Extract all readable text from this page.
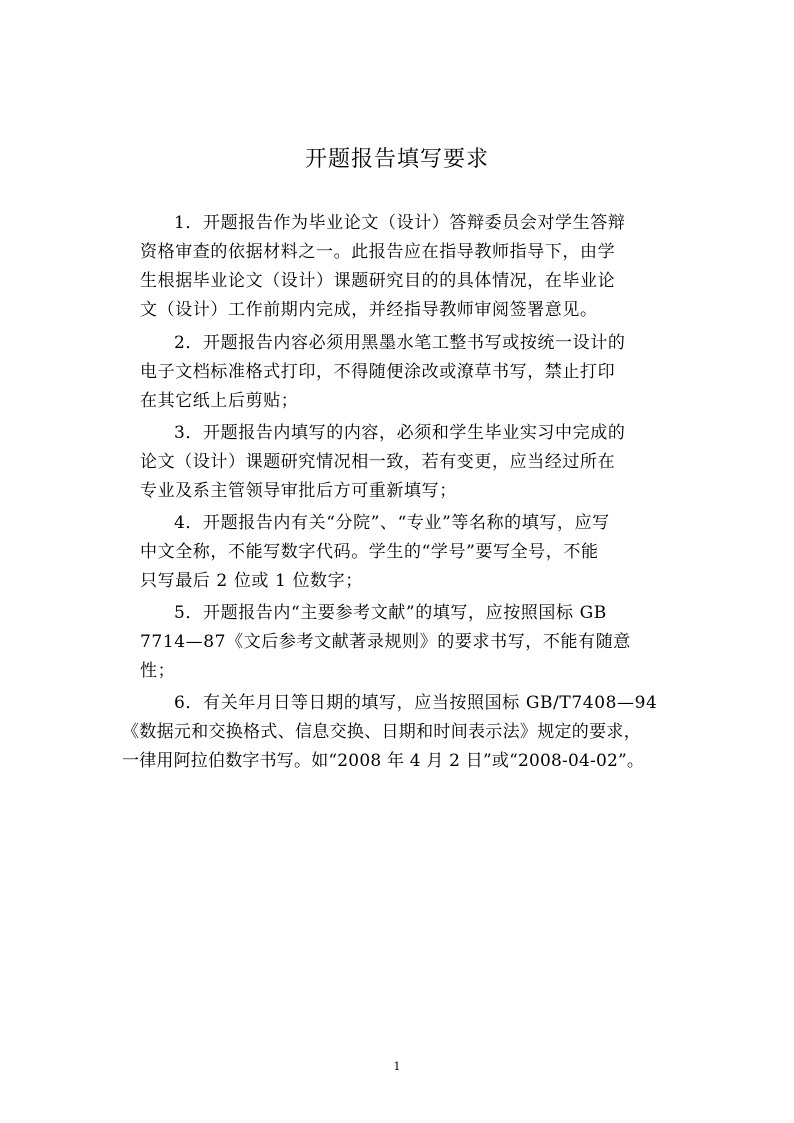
开题报告填写要求
1．开题报告作为毕业论文（设计）答辩委员会对学生答辩
资格审查的依据材料之一。此报告应在指导教师指导下，由学
生根据毕业论文（设计）课题研究目的的具体情况，在毕业论
文（设计）工作前期内完成，并经指导教师审阅签署意见。
2．开题报告内容必须用黑墨水笔工整书写或按统一设计的
电子文档标准格式打印，不得随便涂改或潦草书写，禁止打印
在其它纸上后剪贴；
3．开题报告内填写的内容，必须和学生毕业实习中完成的
论文（设计）课题研究情况相一致，若有变更，应当经过所在
专业及系主管领导审批后方可重新填写；
4．开题报告内有关“分院”、“专业”等名称的填写，应写
中文全称，不能写数字代码。学生的“学号”要写全号，不能
只写最后 2 位或 1 位数字；
5．开题报告内“主要参考文献”的填写，应按照国标 GB
7714—87《文后参考文献著录规则》的要求书写，不能有随意
性；
6．有关年月日等日期的填写，应当按照国标 GB/T7408—94
《数据元和交换格式、信息交换、日期和时间表示法》规定的要求，
一律用阿拉伯数字书写。如“2008 年 4 月 2 日”或“2008-04-02”。
1
